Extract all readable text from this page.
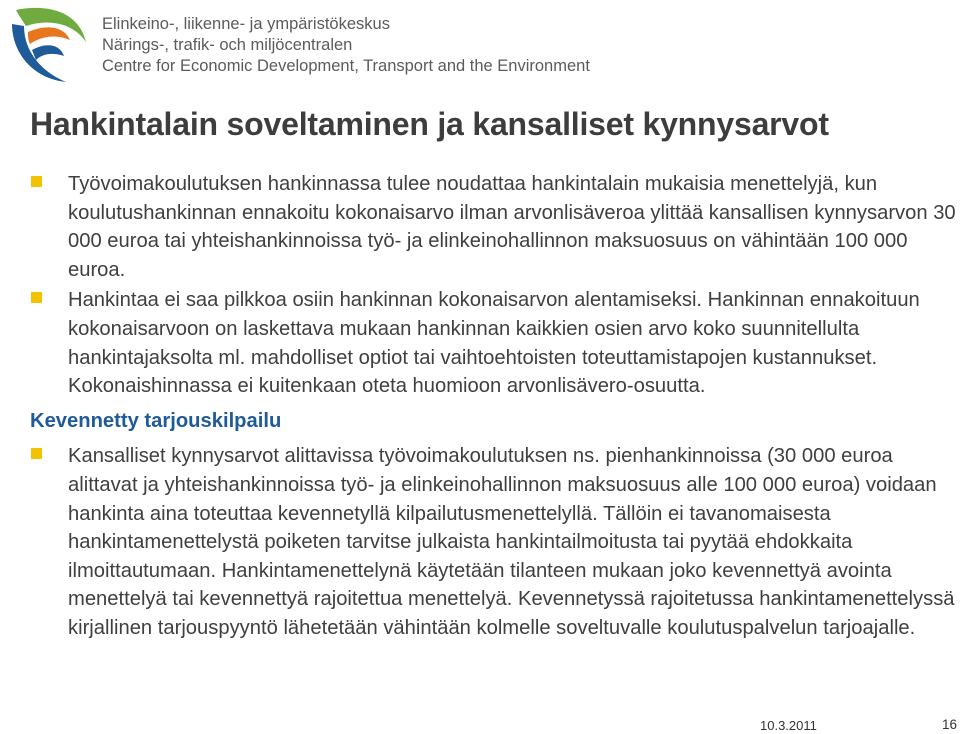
Elinkeino-, liikenne- ja ympäristökeskus
Närings-, trafik- och miljöcentralen
Centre for Economic Development, Transport and the Environment
Hankintalain soveltaminen ja kansalliset kynnysarvot
Työvoimakoulutuksen hankinnassa tulee noudattaa hankintalain mukaisia menettelyjä, kun koulutushankinnan ennakoitu kokonaisarvo ilman arvonlisäveroa ylittää kansallisen kynnysarvon 30 000 euroa tai yhteishankinnoissa työ- ja elinkeinohallinnon maksuosuus on vähintään 100 000 euroa.
Hankintaa ei saa pilkkoa osiin hankinnan kokonaisarvon alentamiseksi. Hankinnan ennakoituun kokonaisarvoon on laskettava mukaan hankinnan kaikkien osien arvo koko suunnitellulta hankintajaksolta ml. mahdolliset optiot tai vaihtoehtoisten toteuttamistapojen kustannukset. Kokonaishinnassa ei kuitenkaan oteta huomioon arvonlisävero-osuutta.
Kevennetty tarjouskilpailu
Kansalliset kynnysarvot alittavissa työvoimakoulutuksen ns. pienhankinnoissa (30 000 euroa alittavat ja yhteishankinnoissa työ- ja elinkeinohallinnon maksuosuus alle 100 000 euroa) voidaan hankinta aina toteuttaa kevennetyllä kilpailutusmenettelyllä. Tällöin ei tavanomaisesta hankintamenettelystä poiketen tarvitse julkaista hankintailmoitusta tai pyytää ehdokkaita ilmoittautumaan. Hankintamenettelynä käytetään tilanteen mukaan joko kevennettyä avointa menettelyä tai kevennettyä rajoitettua menettelyä. Kevennetyssä rajoitetussa hankintamenettelyssä kirjallinen tarjouspyyntö lähetetään vähintään kolmelle soveltuvalle koulutuspalvelun tarjoajalle.
10.3.2011	16
